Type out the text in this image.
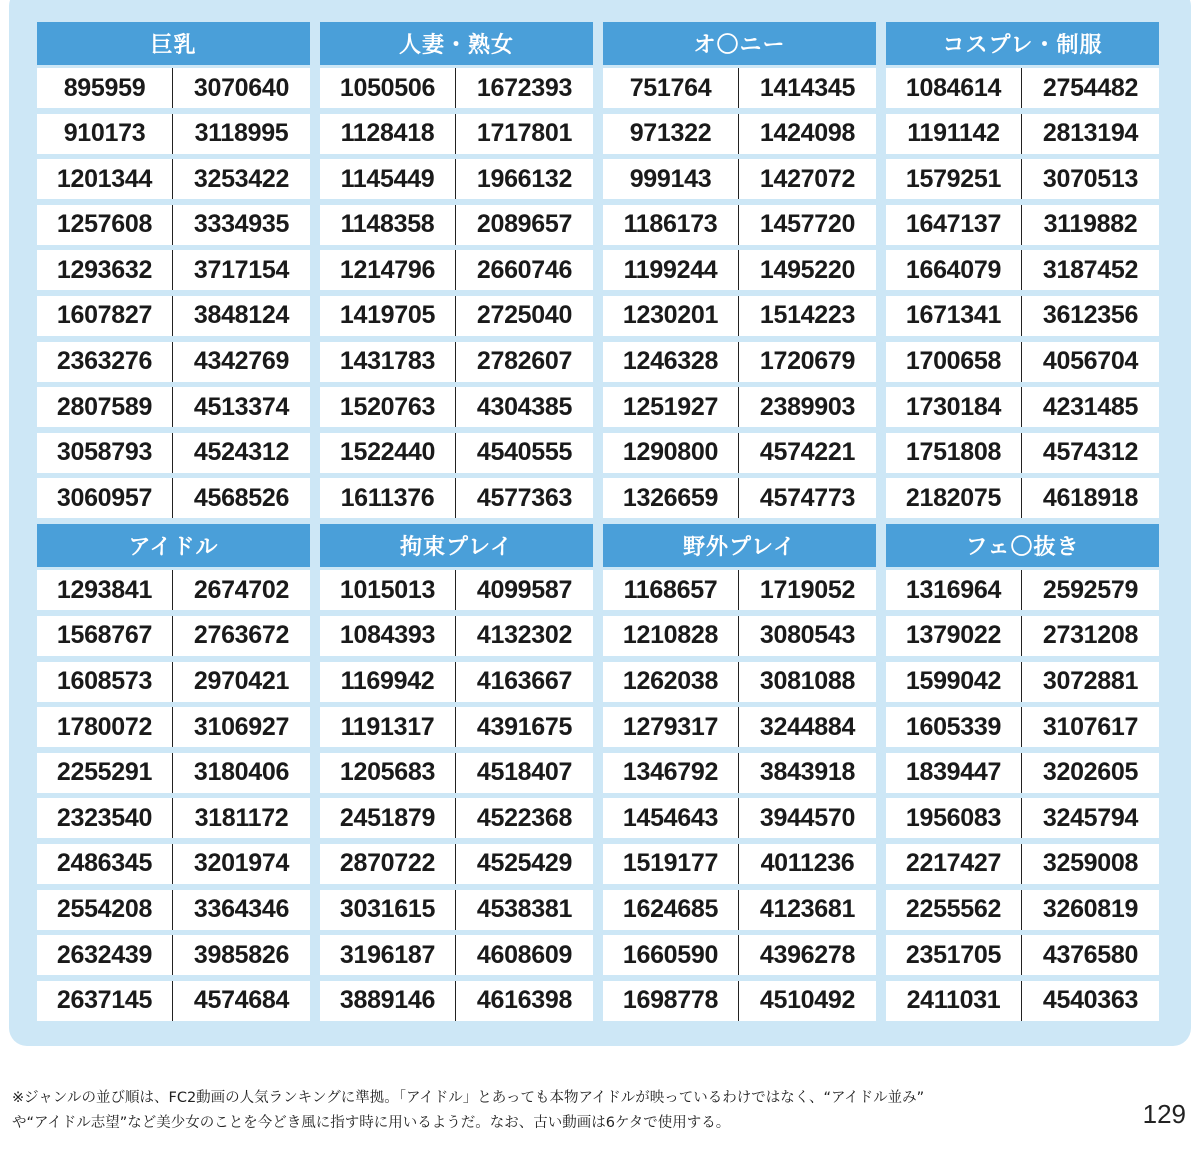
巨乳
895959	3070640
910173	3118995
1201344	3253422
1257608	3334935
1293632	3717154
1607827	3848124
2363276	4342769
2807589	4513374
3058793	4524312
3060957	4568526
人妻・熟女
1050506	1672393
1128418	1717801
1145449	1966132
1148358	2089657
1214796	2660746
1419705	2725040
1431783	2782607
1520763	4304385
1522440	4540555
1611376	4577363
オ〇ニー
751764	1414345
971322	1424098
999143	1427072
1186173	1457720
1199244	1495220
1230201	1514223
1246328	1720679
1251927	2389903
1290800	4574221
1326659	4574773
コスプレ・制服
1084614	2754482
1191142	2813194
1579251	3070513
1647137	3119882
1664079	3187452
1671341	3612356
1700658	4056704
1730184	4231485
1751808	4574312
2182075	4618918
アイドル
1293841	2674702
1568767	2763672
1608573	2970421
1780072	3106927
2255291	3180406
2323540	3181172
2486345	3201974
2554208	3364346
2632439	3985826
2637145	4574684
拘束プレイ
1015013	4099587
1084393	4132302
1169942	4163667
1191317	4391675
1205683	4518407
2451879	4522368
2870722	4525429
3031615	4538381
3196187	4608609
3889146	4616398
野外プレイ
1168657	1719052
1210828	3080543
1262038	3081088
1279317	3244884
1346792	3843918
1454643	3944570
1519177	4011236
1624685	4123681
1660590	4396278
1698778	4510492
フェ〇抜き
1316964	2592579
1379022	2731208
1599042	3072881
1605339	3107617
1839447	3202605
1956083	3245794
2217427	3259008
2255562	3260819
2351705	4376580
2411031	4540363
※ジャンルの並び順は、FC2動画の人気ランキングに準拠。「アイドル」とあっても本物アイドルが映っているわけではなく、“アイドル並み”
や“アイドル志望”など美少女のことを今どき風に指す時に用いるようだ。なお、古い動画は6ケタで使用する。	129
